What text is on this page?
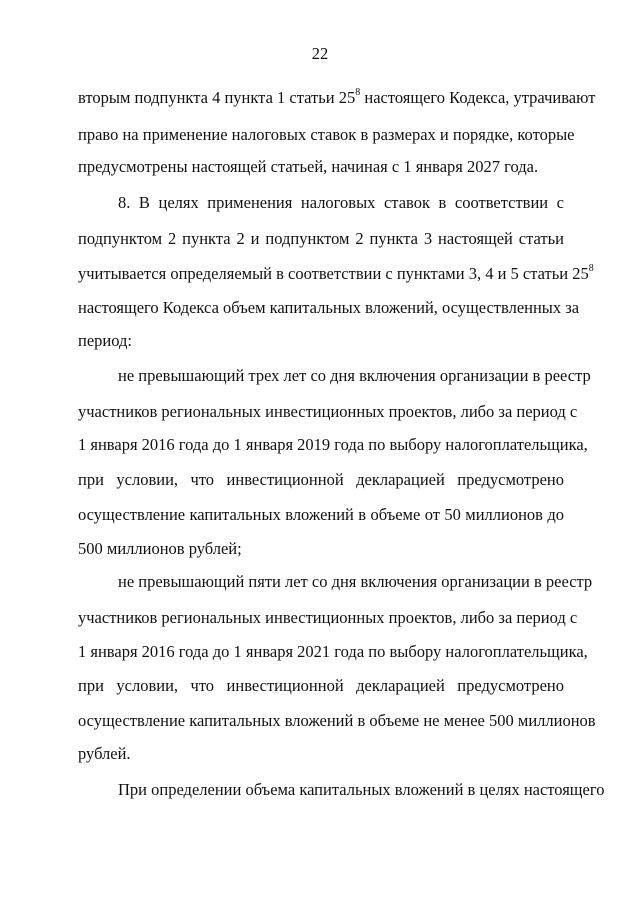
22
вторым подпункта 4 пункта 1 статьи $25^8$ настоящего Кодекса, утрачивают
право на применение налоговых ставок в размерах и порядке, которые
предусмотрены настоящей статьей, начиная с 1 января 2027 года.
8. В целях применения налоговых ставок в соответствии с
подпунктом 2 пункта 2 и подпунктом 2 пункта 3 настоящей статьи
учитывается определяемый в соответствии с пунктами 3, 4 и 5 статьи $25^8$
настоящего Кодекса объем капитальных вложений, осуществленных за
период:
не превышающий трех лет со дня включения организации в реестр
участников региональных инвестиционных проектов, либо за период с
1 января 2016 года до 1 января 2019 года по выбору налогоплательщика,
при условии, что инвестиционной декларацией предусмотрено
осуществление капитальных вложений в объеме от 50 миллионов до
500 миллионов рублей;
не превышающий пяти лет со дня включения организации в реестр
участников региональных инвестиционных проектов, либо за период с
1 января 2016 года до 1 января 2021 года по выбору налогоплательщика,
при условии, что инвестиционной декларацией предусмотрено
осуществление капитальных вложений в объеме не менее 500 миллионов
рублей.
При определении объема капитальных вложений в целях настоящего
